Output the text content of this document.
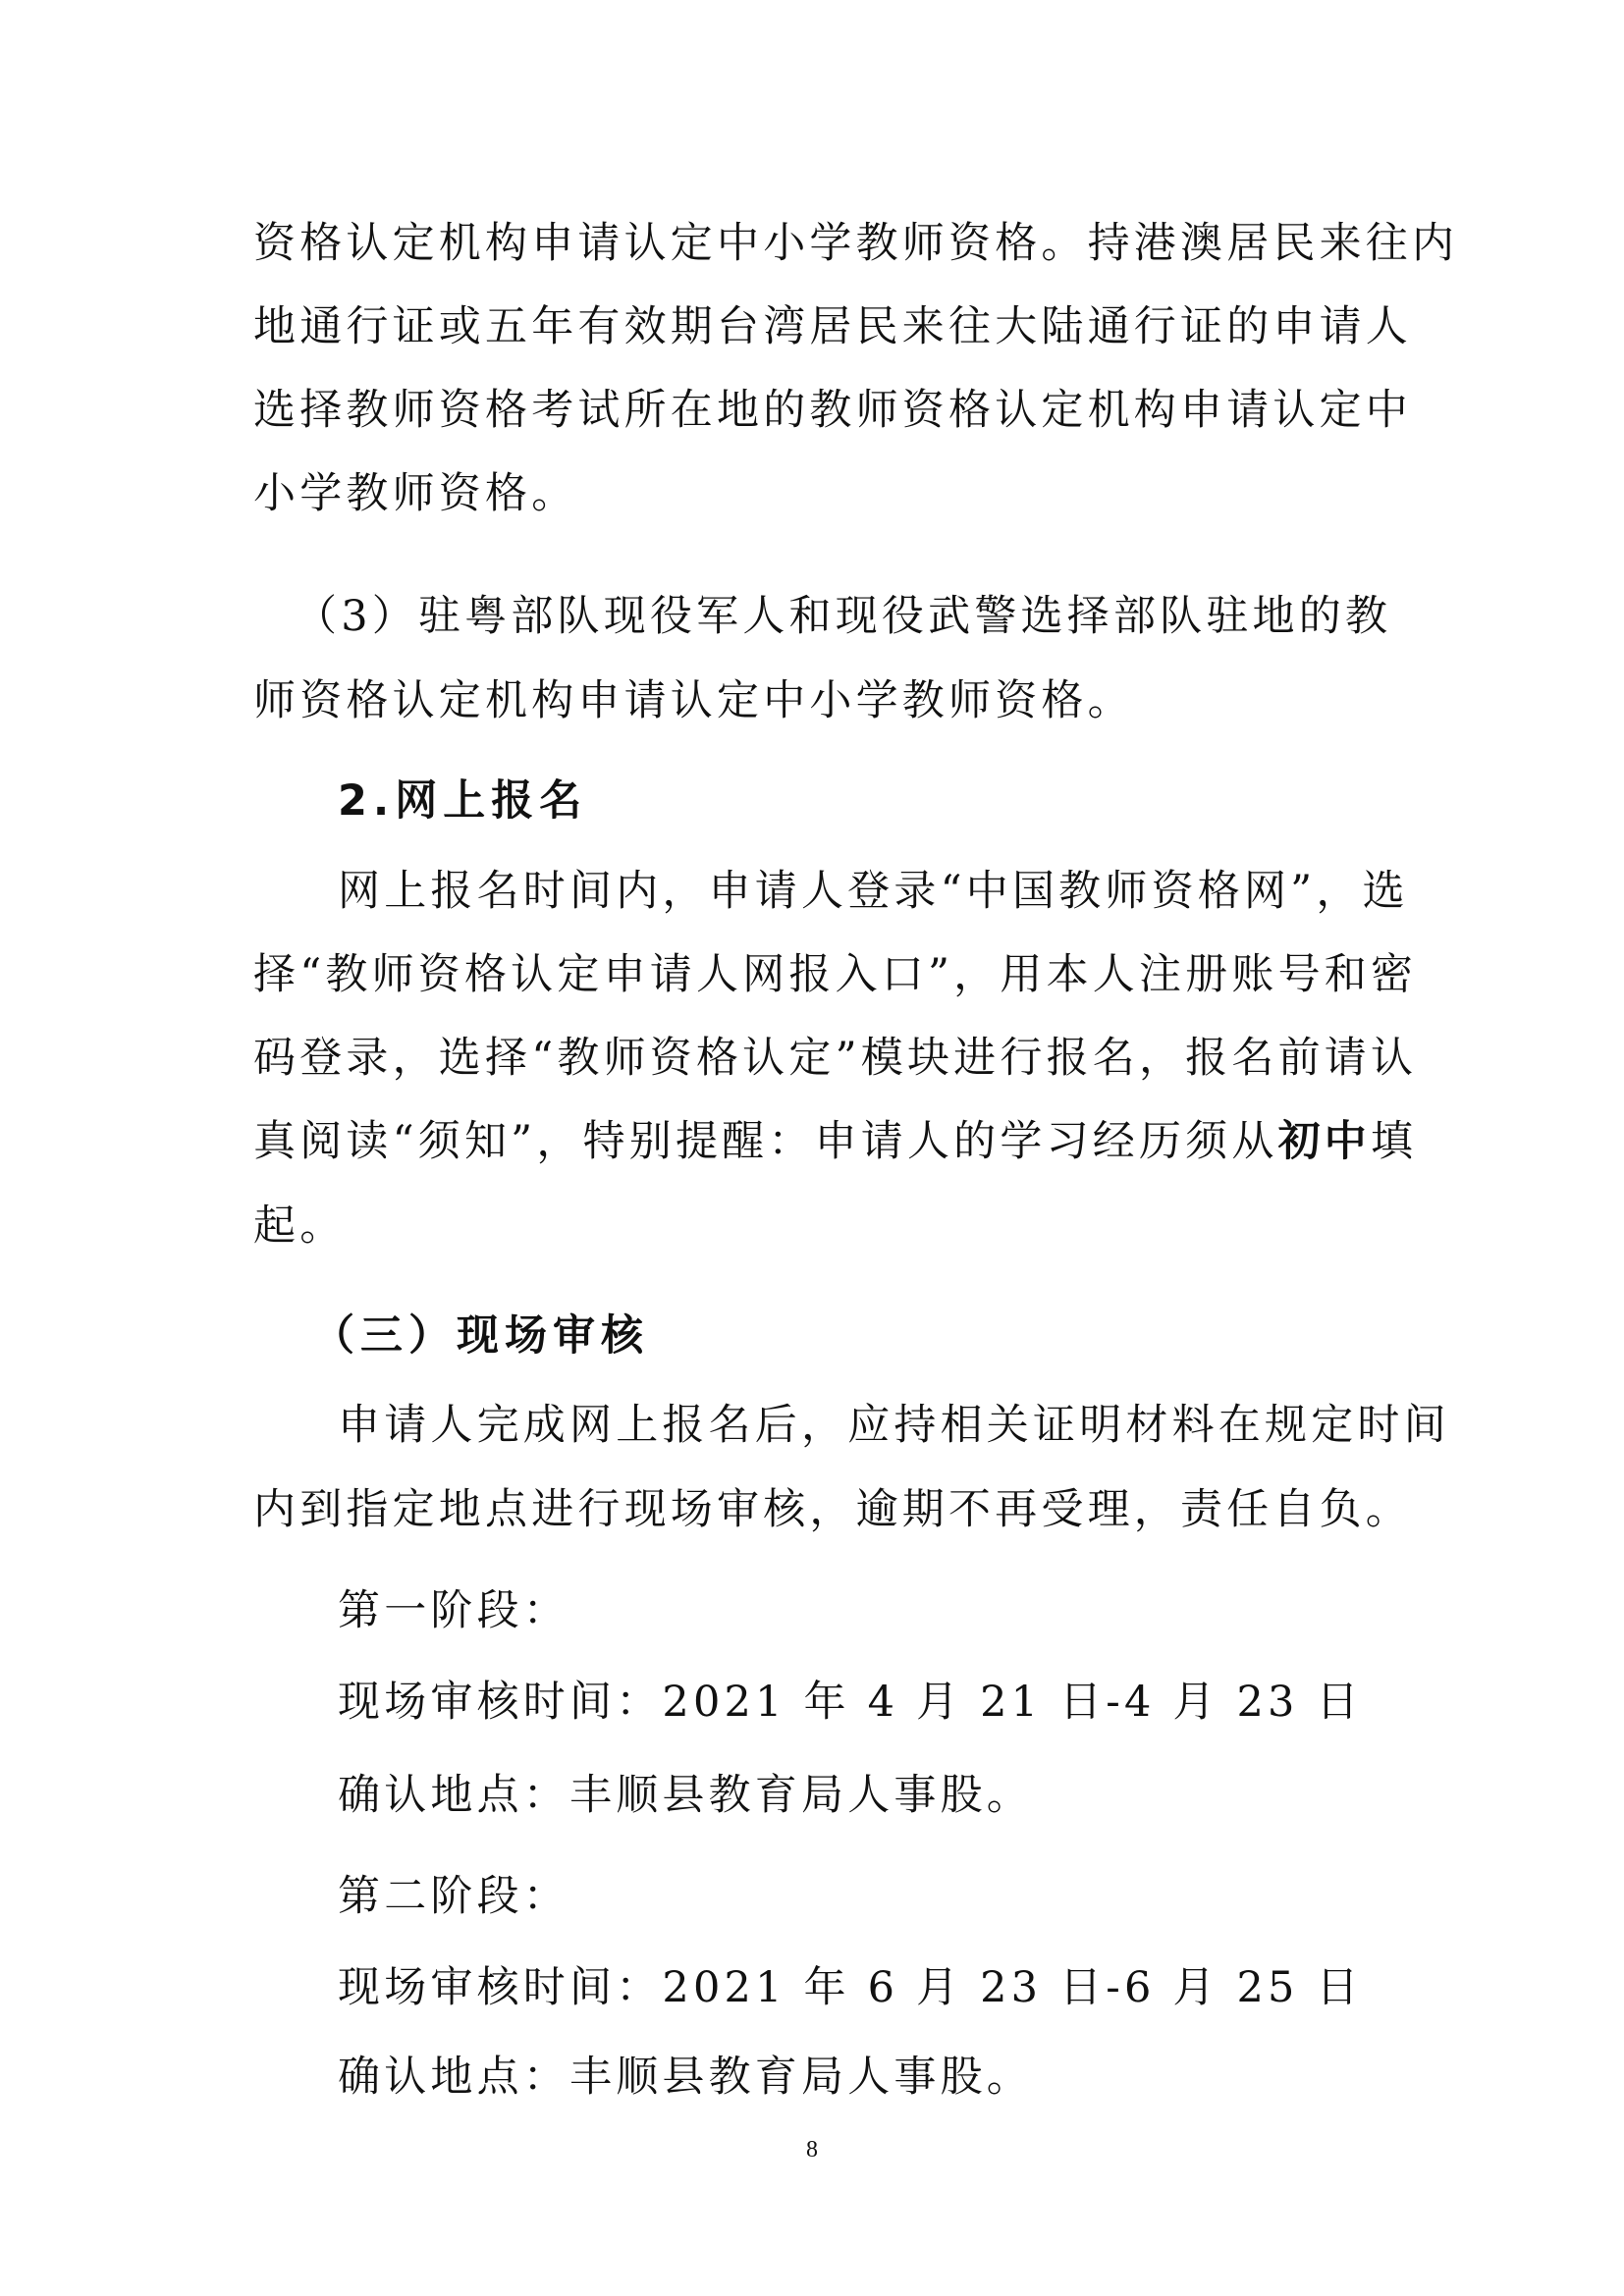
资格认定机构申请认定中小学教师资格。持港澳居民来往内
地通行证或五年有效期台湾居民来往大陆通行证的申请人
选择教师资格考试所在地的教师资格认定机构申请认定中
小学教师资格。
（3）驻粤部队现役军人和现役武警选择部队驻地的教
师资格认定机构申请认定中小学教师资格。
2.网上报名
网上报名时间内，申请人登录“中国教师资格网”，选
择“教师资格认定申请人网报入口”，用本人注册账号和密
码登录，选择“教师资格认定”模块进行报名，报名前请认
真阅读“须知”，特别提醒：申请人的学习经历须从初中填
起。
（三）现场审核
申请人完成网上报名后，应持相关证明材料在规定时间
内到指定地点进行现场审核，逾期不再受理，责任自负。
第一阶段：
现场审核时间：2021 年 4 月 21 日-4 月 23 日
确认地点：丰顺县教育局人事股。
第二阶段：
现场审核时间：2021 年 6 月 23 日-6 月 25 日
确认地点：丰顺县教育局人事股。
8
